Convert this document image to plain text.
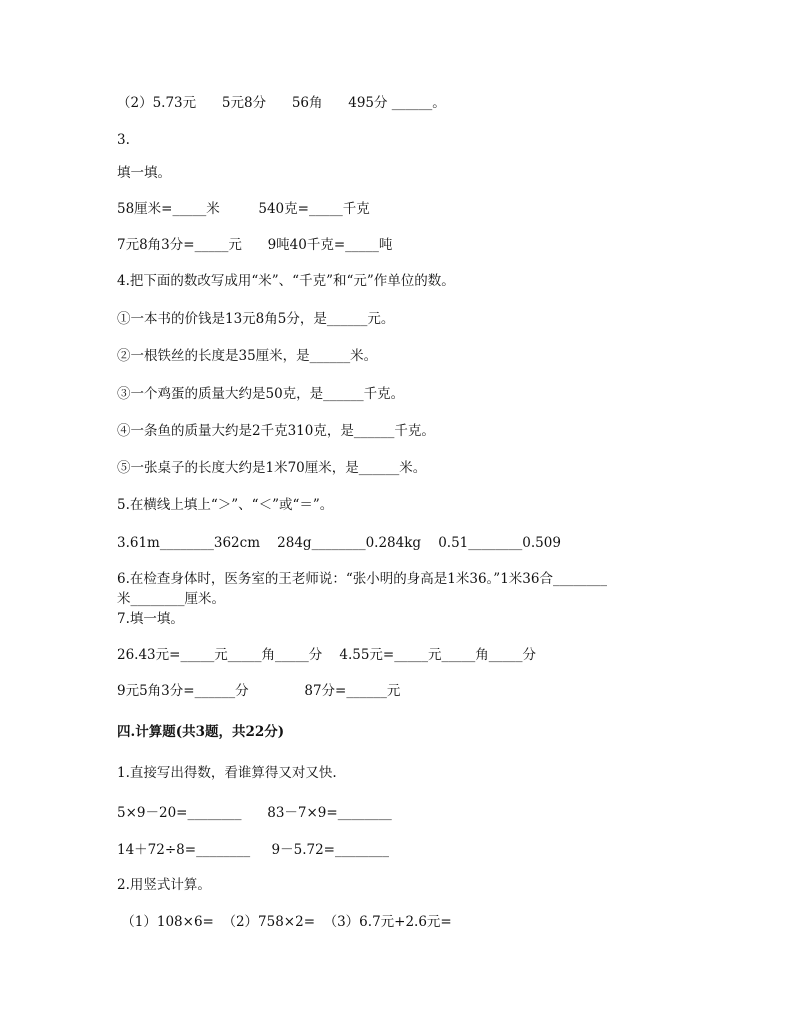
（2）5.73元      5元8分      56角      495分 ______。
3.
填一填。
58厘米=_____米         540克=_____千克
7元8角3分=_____元      9吨40千克=_____吨
4.把下面的数改写成用“米”、“千克”和“元”作单位的数。
①一本书的价钱是13元8角5分，是______元。
②一根铁丝的长度是35厘米，是______米。
③一个鸡蛋的质量大约是50克，是______千克。
④一条鱼的质量大约是2千克310克，是______千克。
⑤一张桌子的长度大约是1米70厘米，是______米。
5.在横线上填上“＞”、“＜”或“＝”。
3.61m________362cm    284g________0.284kg    0.51________0.509
6.在检查身体时，医务室的王老师说：“张小明的身高是1米36。”1米36合________
米________厘米。
7.填一填。
26.43元=_____元_____角_____分    4.55元=_____元_____角_____分
9元5角3分=______分             87分=______元
四.计算题(共3题，共22分)
1.直接写出得数，看谁算得又对又快.
5×9－20=________      83－7×9=________
14＋72÷8=________     9－5.72=________
2.用竖式计算。
（1）108×6=  （2）758×2=  （3）6.7元+2.6元=
